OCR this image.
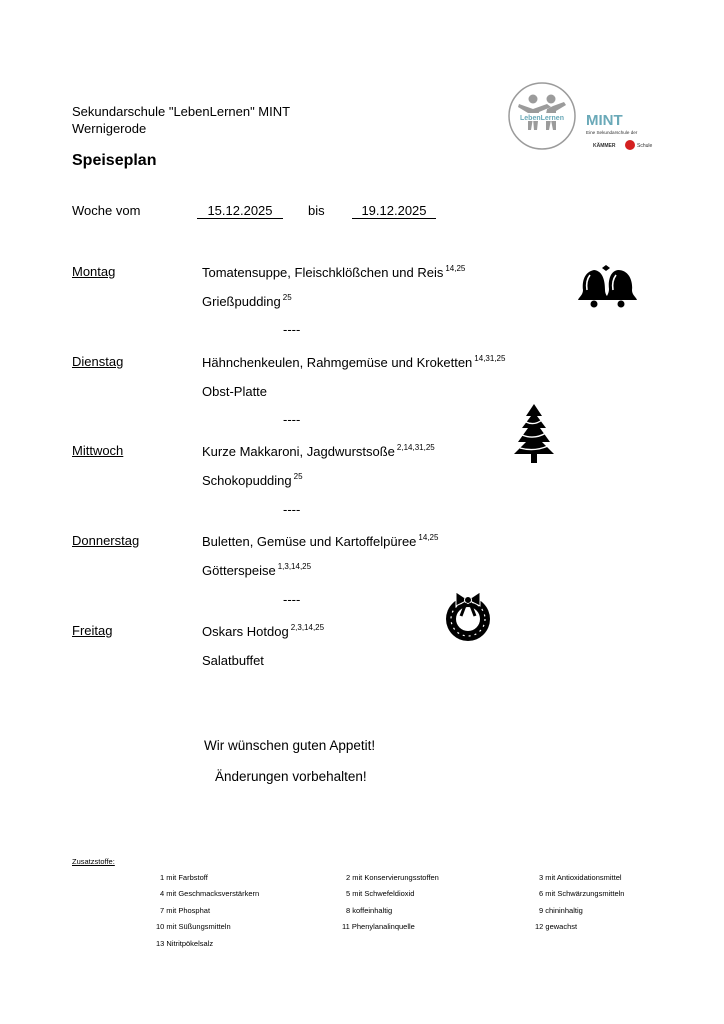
Sekundarschule "LebenLernen" MINT
Wernigerode
Speiseplan
LebenLernen MINT
Eine Sekundarschule der
KÄMMER	Schule
Woche vom	15.12.2025	bis	19.12.2025
Montag	Tomatensuppe, Fleischklößchen und Reis $^{14,25}$
Grießpudding $^{25}$
----
Dienstag	Hähnchenkeulen, Rahmgemüse und Kroketten $^{14,31,25}$
Obst-Platte
----
Mittwoch	Kurze Makkaroni, Jagdwurstsoße $^{2,14,31,25}$
Schokopudding $^{25}$
----
Donnerstag	Buletten, Gemüse und Kartoffelpüree $^{14,25}$
Götterspeise $^{1,3,14,25}$
----
Freitag	Oskars Hotdog $^{2,3,14,25}$
Salatbuffet
Wir wünschen guten Appetit!
Änderungen vorbehalten!
Zusatzstoffe:
1 mit Farbstoff	2 mit Konservierungsstoffen	3 mit Antioxidationsmittel
4 mit Geschmacksverstärkern	5 mit Schwefeldioxid	6 mit Schwärzungsmitteln
7 mit Phosphat	8 koffeinhaltig	9 chininhaltig
10 mit Süßungsmitteln	11 Phenylanalinquelle	12 gewachst
13 Nitritpökelsalz
